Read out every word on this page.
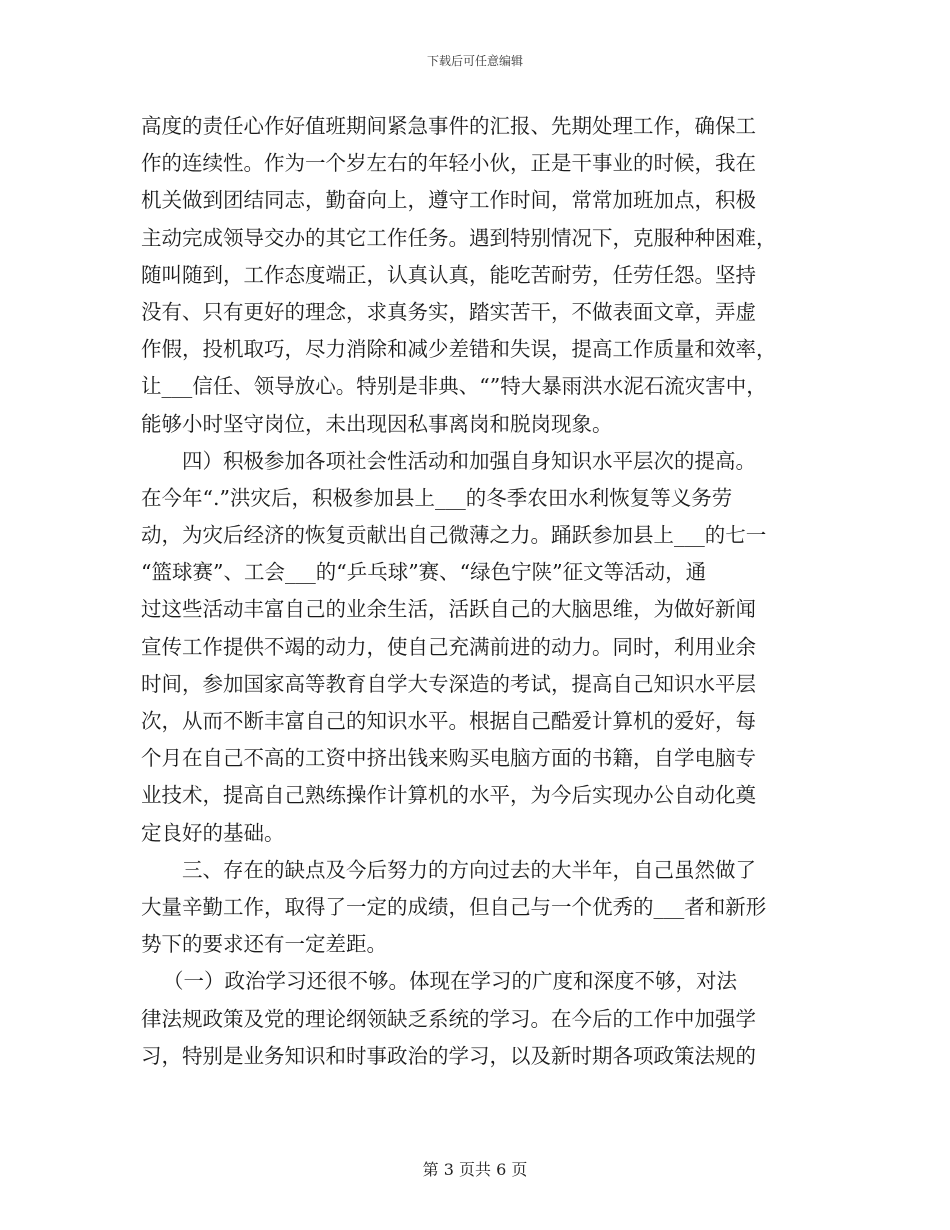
下载后可任意编辑
高度的责任心作好值班期间紧急事件的汇报、先期处理工作，确保工
作的连续性。作为一个岁左右的年轻小伙，正是干事业的时候，我在
机关做到团结同志，勤奋向上，遵守工作时间，常常加班加点，积极
主动完成领导交办的其它工作任务。遇到特别情况下，克服种种困难，
随叫随到，工作态度端正，认真认真，能吃苦耐劳，任劳任怨。坚持
没有、只有更好的理念，求真务实，踏实苦干，不做表面文章，弄虚
作假，投机取巧，尽力消除和减少差错和失误，提高工作质量和效率，
让___信任、领导放心。特别是非典、“”特大暴雨洪水泥石流灾害中，
能够小时坚守岗位，未出现因私事离岗和脱岗现象。
四）积极参加各项社会性活动和加强自身知识水平层次的提高。
在今年“.”洪灾后，积极参加县上___的冬季农田水利恢复等义务劳
动，为灾后经济的恢复贡献出自己微薄之力。踊跃参加县上___的七一
“篮球赛”、工会___的“乒乓球”赛、“绿色宁陕”征文等活动，通
过这些活动丰富自己的业余生活，活跃自己的大脑思维，为做好新闻
宣传工作提供不竭的动力，使自己充满前进的动力。同时，利用业余
时间，参加国家高等教育自学大专深造的考试，提高自己知识水平层
次，从而不断丰富自己的知识水平。根据自己酷爱计算机的爱好，每
个月在自己不高的工资中挤出钱来购买电脑方面的书籍，自学电脑专
业技术，提高自己熟练操作计算机的水平，为今后实现办公自动化奠
定良好的基础。
三、存在的缺点及今后努力的方向过去的大半年，自己虽然做了
大量辛勤工作，取得了一定的成绩，但自己与一个优秀的___者和新形
势下的要求还有一定差距。
（一）政治学习还很不够。体现在学习的广度和深度不够，对法
律法规政策及党的理论纲领缺乏系统的学习。在今后的工作中加强学
习，特别是业务知识和时事政治的学习，以及新时期各项政策法规的
第 3 页共 6 页
